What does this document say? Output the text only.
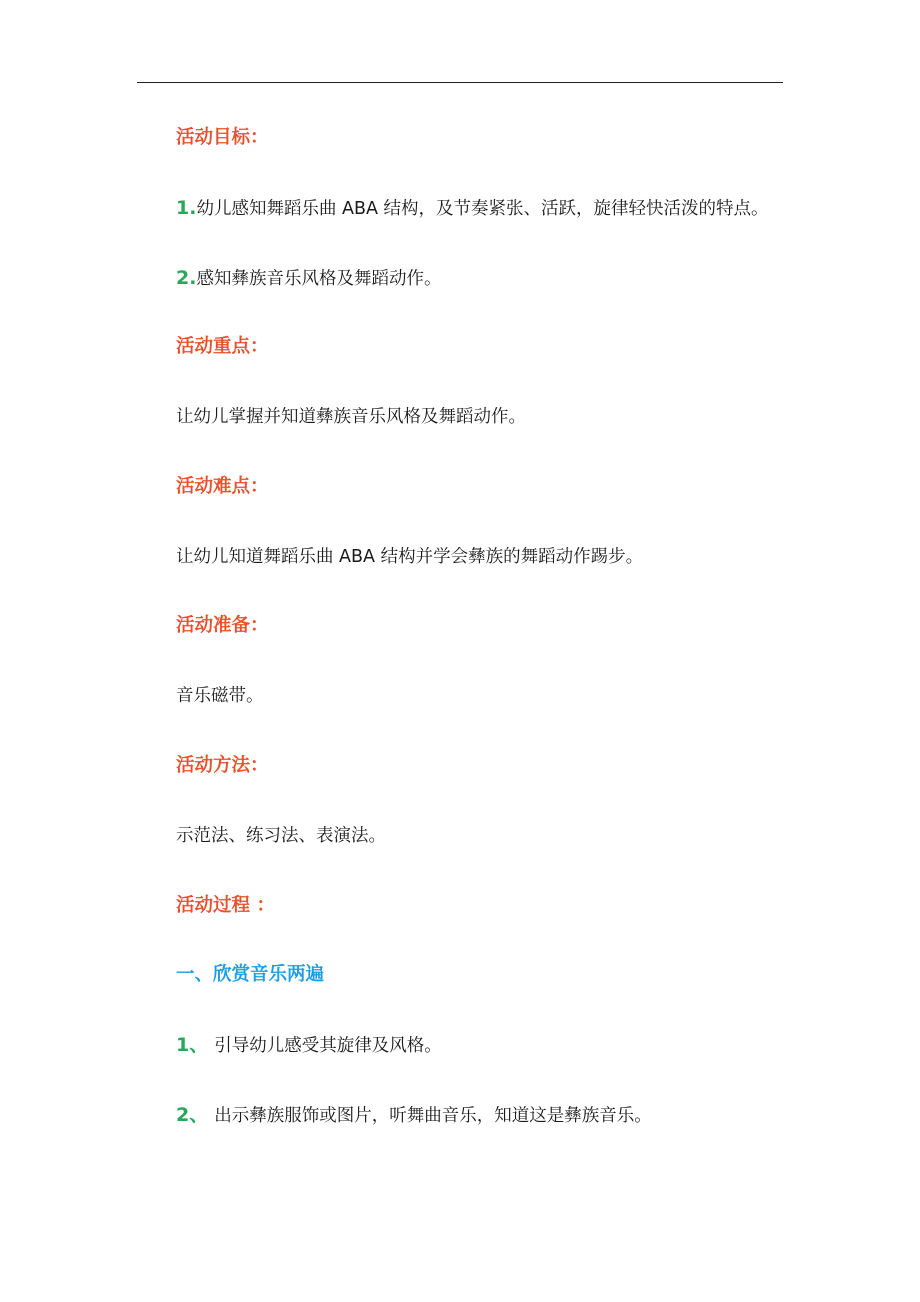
活动目标：
1.幼儿感知舞蹈乐曲 ABA 结构，及节奏紧张、活跃，旋律轻快活泼的特点。
2.感知彝族音乐风格及舞蹈动作。
活动重点：
让幼儿掌握并知道彝族音乐风格及舞蹈动作。
活动难点：
让幼儿知道舞蹈乐曲 ABA 结构并学会彝族的舞蹈动作踢步。
活动准备：
音乐磁带。
活动方法：
示范法、练习法、表演法。
活动过程 ：
一、欣赏音乐两遍
1、 引导幼儿感受其旋律及风格。
2、 出示彝族服饰或图片，听舞曲音乐，知道这是彝族音乐。
